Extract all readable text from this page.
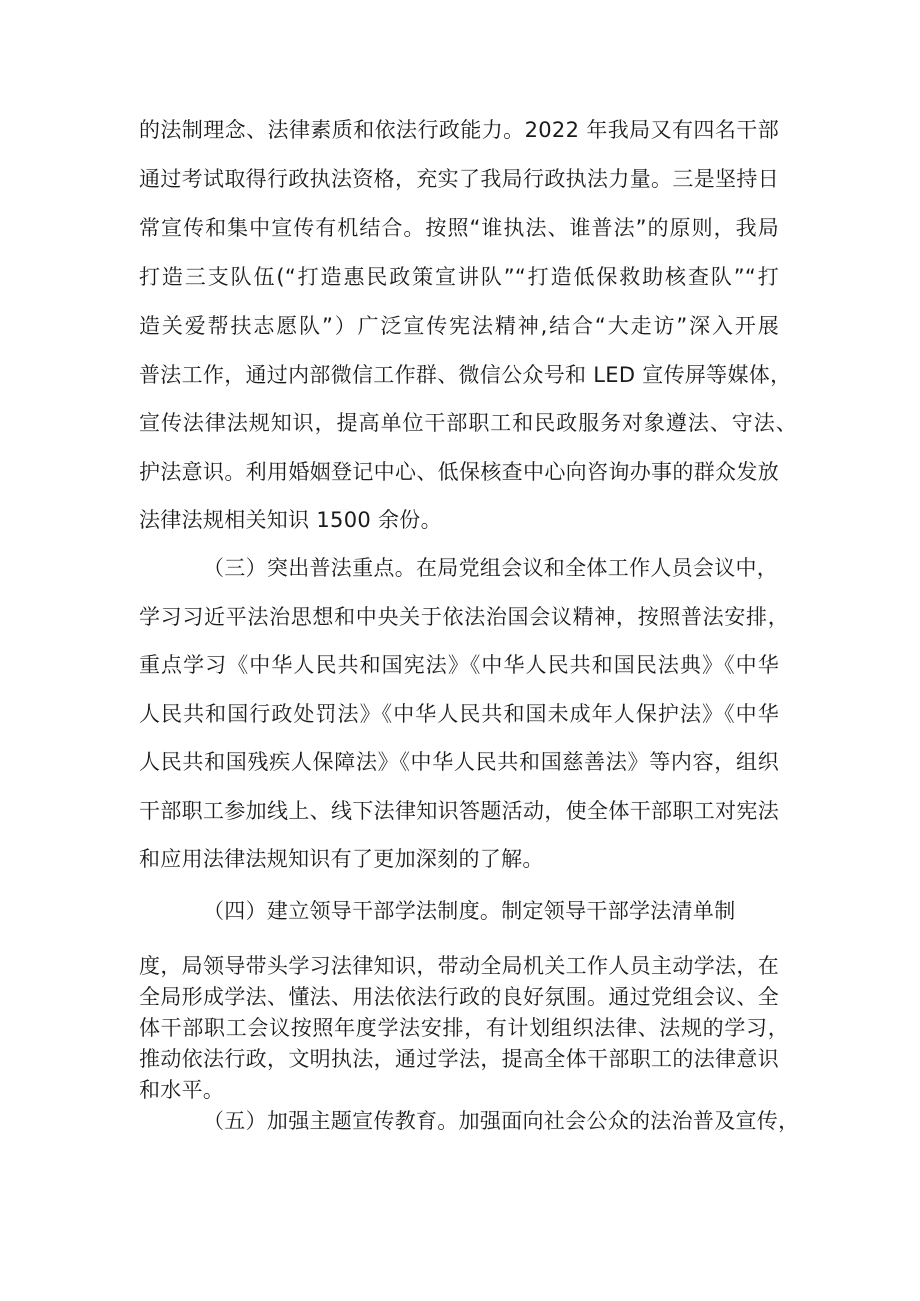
的法制理念、法律素质和依法行政能力。2022 年我局又有四名干部
通过考试取得行政执法资格，充实了我局行政执法力量。三是坚持日
常宣传和集中宣传有机结合。按照“谁执法、谁普法”的原则，我局
打造三支队伍(“打造惠民政策宣讲队”“打造低保救助核查队”“打
造关爱帮扶志愿队”）广泛宣传宪法精神,结合“大走访”深入开展
普法工作，通过内部微信工作群、微信公众号和 LED 宣传屏等媒体，
宣传法律法规知识，提高单位干部职工和民政服务对象遵法、守法、
护法意识。利用婚姻登记中心、低保核查中心向咨询办事的群众发放
法律法规相关知识 1500 余份。
（三）突出普法重点。在局党组会议和全体工作人员会议中，
学习习近平法治思想和中央关于依法治国会议精神，按照普法安排，
重点学习《中华人民共和国宪法》《中华人民共和国民法典》《中华
人民共和国行政处罚法》《中华人民共和国未成年人保护法》《中华
人民共和国残疾人保障法》《中华人民共和国慈善法》等内容，组织
干部职工参加线上、线下法律知识答题活动，使全体干部职工对宪法
和应用法律法规知识有了更加深刻的了解。
（四）建立领导干部学法制度。制定领导干部学法清单制
度，局领导带头学习法律知识，带动全局机关工作人员主动学法，在
全局形成学法、懂法、用法依法行政的良好氛围。通过党组会议、全
体干部职工会议按照年度学法安排，有计划组织法律、法规的学习，
推动依法行政，文明执法，通过学法，提高全体干部职工的法律意识
和水平。
（五）加强主题宣传教育。加强面向社会公众的法治普及宣传，
